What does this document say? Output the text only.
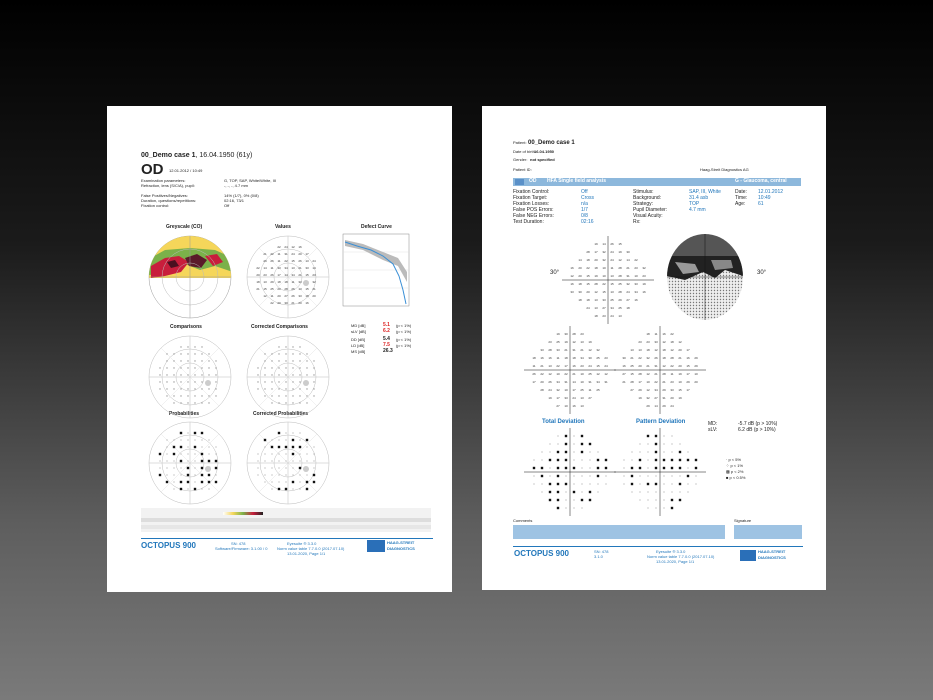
00_Demo case 1, 16.04.1950 (61y)
OD 12.01.2012 / 10:49
Examination parameters:	G, TOP, SAP, White/White, III
Refraction, lens (S/C/A), pupil:	-, -, -, 4.7 mm
False Positives/Negatives:	14% (1/7), 0% (0/8)
Duration, questions/repetitions:	02:16, 73/1
Fixation control:	Off
Greyscale (CO)	Values	Defect Curve
Comparisons	Corrected Comparisons
Probabilities	Corrected Probabilities
22 24 12 16
21 22 11 31 24 20 17
29 26 11 22 15 26 13 24
22 14 11 33 34 13 21 33 14
20 23 26 17 14 34 21 15 23
18 13 29 18 18 11 33	32
21 15 25 20 28 26 13 15 21
12 11 20 27 26 33 18 20
22 20 30 21 20 16
MD [dB]	5.1 (p < 1%)
sLV [dB]	6.2 (p < 1%)
DD [dB]	5.4 (p < 1%)
LD [dB]	7.5 (p < 1%)
MS [dB]	26.3
OCTOPUS 900	SN: 478
Software/Firmware: 3.1.00 / 0
Eyesuite ® 3.3.0
Norm value table 7.7.0.0 (2017.07.10)
13.01.2020, Page 1/1
HAAG-STREIT
DIAGNOSTICS
Patient: 00_Demo case 1
Date of birth:
16.04.1950
Gender: not specified
Patient ID:	Haag-Streit Diagnostics AG
OD HFA Single field analysis	G - Glaucoma, central
Fixation Control:	Off
Fixation Target:	Cross
Fixation Losses:	n/a
False POS Errors:	1/7
False NEG Errors:	0/8
Test Duration:	02:16
Stimulus:	SAP, III, White
Background:	31.4 asb
Strategy:	TOP
Pupil Diameter:	4.7 mm
Visual Acuity:
Rx:
Date: 12.01.2012
Time: 10:49
Age:	61
19 14 26 15
28 17 32 24 19 30
14 18 20 32 24 12 14 22
16 20 22 18 10 11 28 21 23 32
12 20 15 19 10 13 28 31 10 23
16 18 15 28 22 15 25 32 33 19
33 30 20 12 15 13 28 24 34 16
18 18 13 33 25 29 27 16
24 13 27 34 25 18
18 23 24 13
30°	30°
19 30 28 23
23 25 19 12 13 19
33 28 33 21 31 21 12 32
18 16 16 11 18 18 34 30 25 23
11 21 13 22 17 16 23 24 15 24
26 22 12 10 22 21 10 25 12 12
17 20 26 34 31 14 10 31 34 31
28 24 32 10 17 25 11 25
19 17 33 24 13 27
27 10 16 13
18 11 16 22
23 23 33 12 18 12
13 13 18 12 18 12 20 17
30 21 22 32 26 18 28 21 16 29
16 25 20 21 31 12 22 20 15 29
27 15 28 12 21 28 11 19 17 10
21 28 17 10 22 21 23 10 29 20
27 29 12 34 29 33 15 17
19 32 27 31 20 19
29 14 29 24
Total Deviation	Pattern Deviation	MD:	-5.7 dB (p > 10%)
sLV:	6.2 dB (p > 10%)
· p < 5%
⁘ p < 1%
▩ p < 2%
■ p < 0.5%
Comments	Signature
OCTOPUS 900	SN: 478
3.1.0
Eyesuite ® 3.3.0
Norm value table 7.7.0.0 (2017.07.10)
13.01.2020, Page 1/1
HAAG-STREIT
DIAGNOSTICS
